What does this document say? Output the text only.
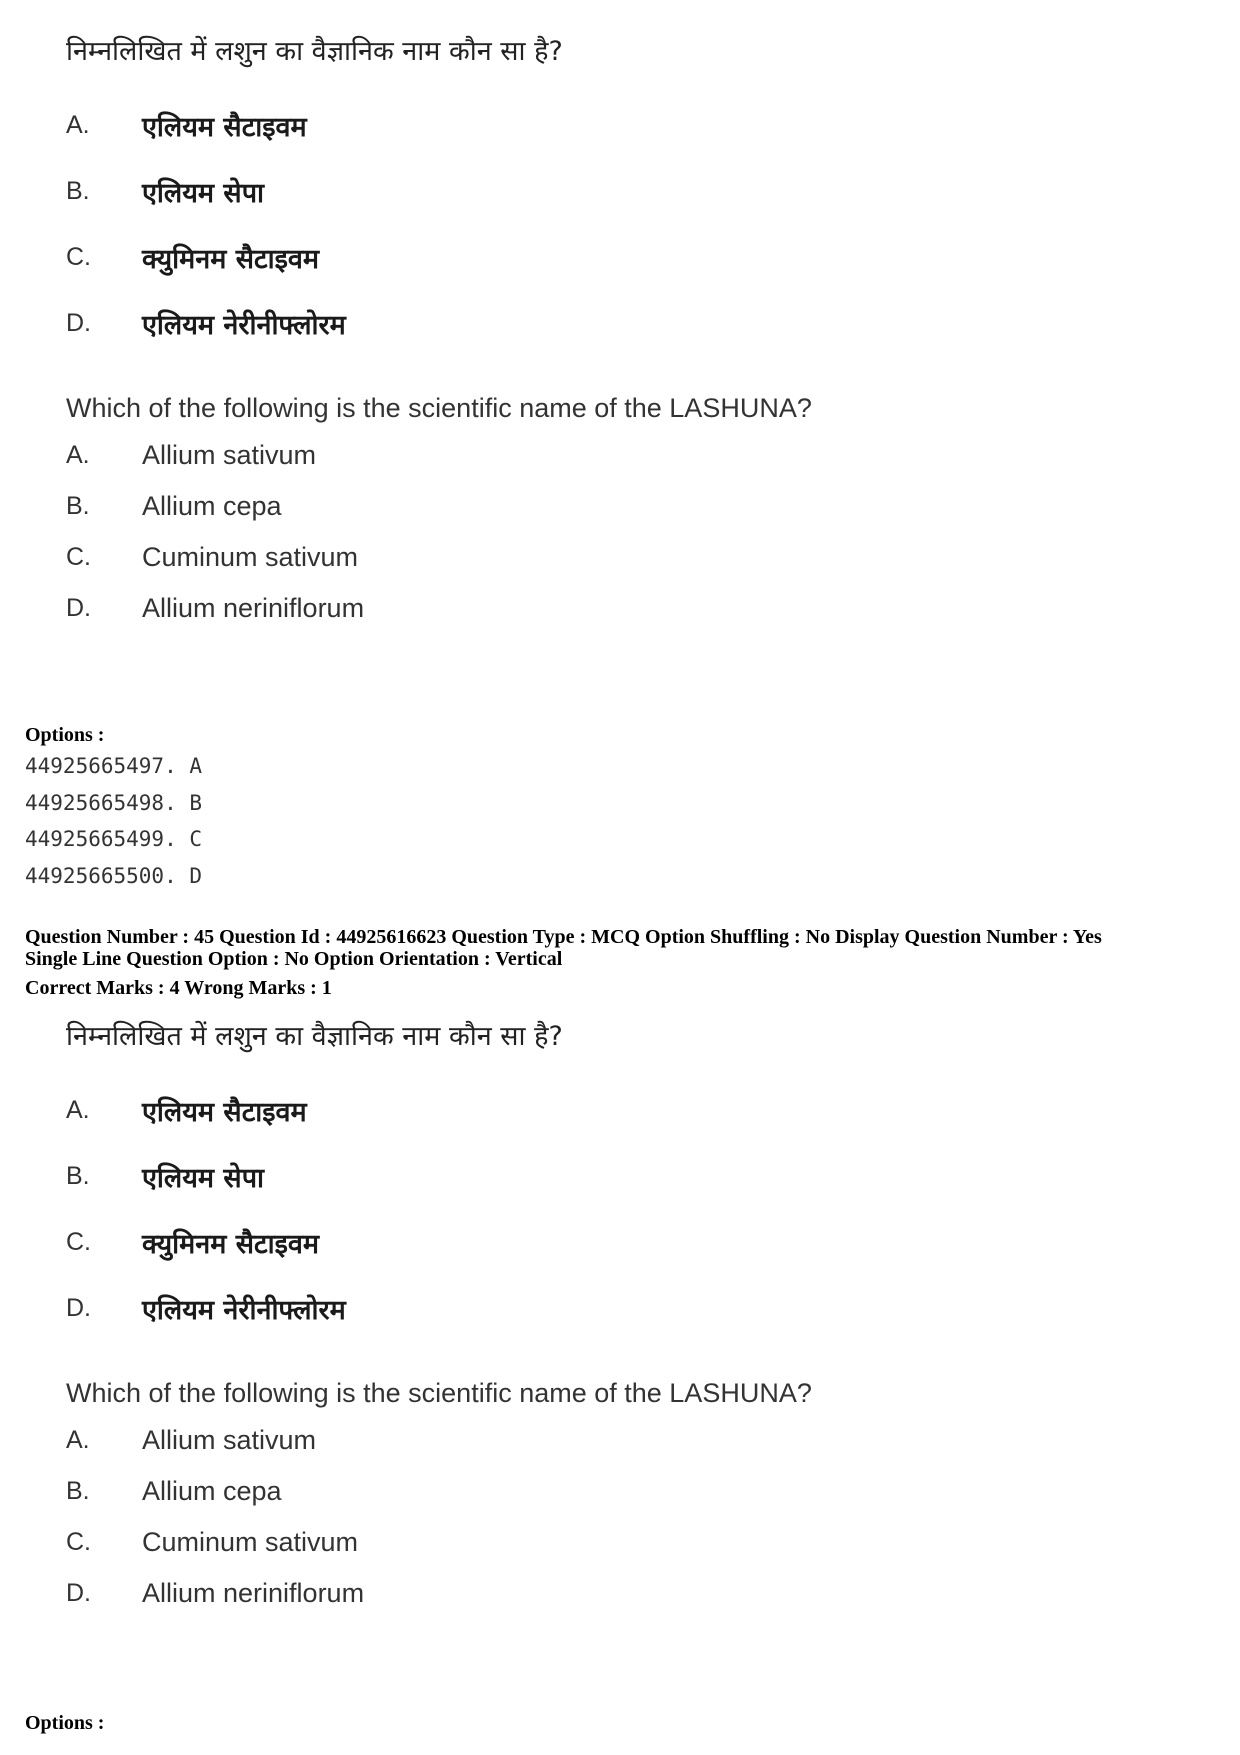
निम्नलिखित में लशुन का वैज्ञानिक नाम कौन सा है?
A.	एलियम सैटाइवम
B.	एलियम सेपा
C.	क्युमिनम सैटाइवम
D.	एलियम नेरीनीफ्लोरम
Which of the following is the scientific name of the LASHUNA?
A.	Allium sativum
B.	Allium cepa
C.	Cuminum sativum
D.	Allium neriniflorum
Options :
44925665497. A
44925665498. B
44925665499. C
44925665500. D
Question Number : 45 Question Id : 44925616623 Question Type : MCQ Option Shuffling : No Display Question Number : Yes
Single Line Question Option : No Option Orientation : Vertical
Correct Marks : 4 Wrong Marks : 1
निम्नलिखित में लशुन का वैज्ञानिक नाम कौन सा है?
A.	एलियम सैटाइवम
B.	एलियम सेपा
C.	क्युमिनम सैटाइवम
D.	एलियम नेरीनीफ्लोरम
Which of the following is the scientific name of the LASHUNA?
A.	Allium sativum
B.	Allium cepa
C.	Cuminum sativum
D.	Allium neriniflorum
Options :
